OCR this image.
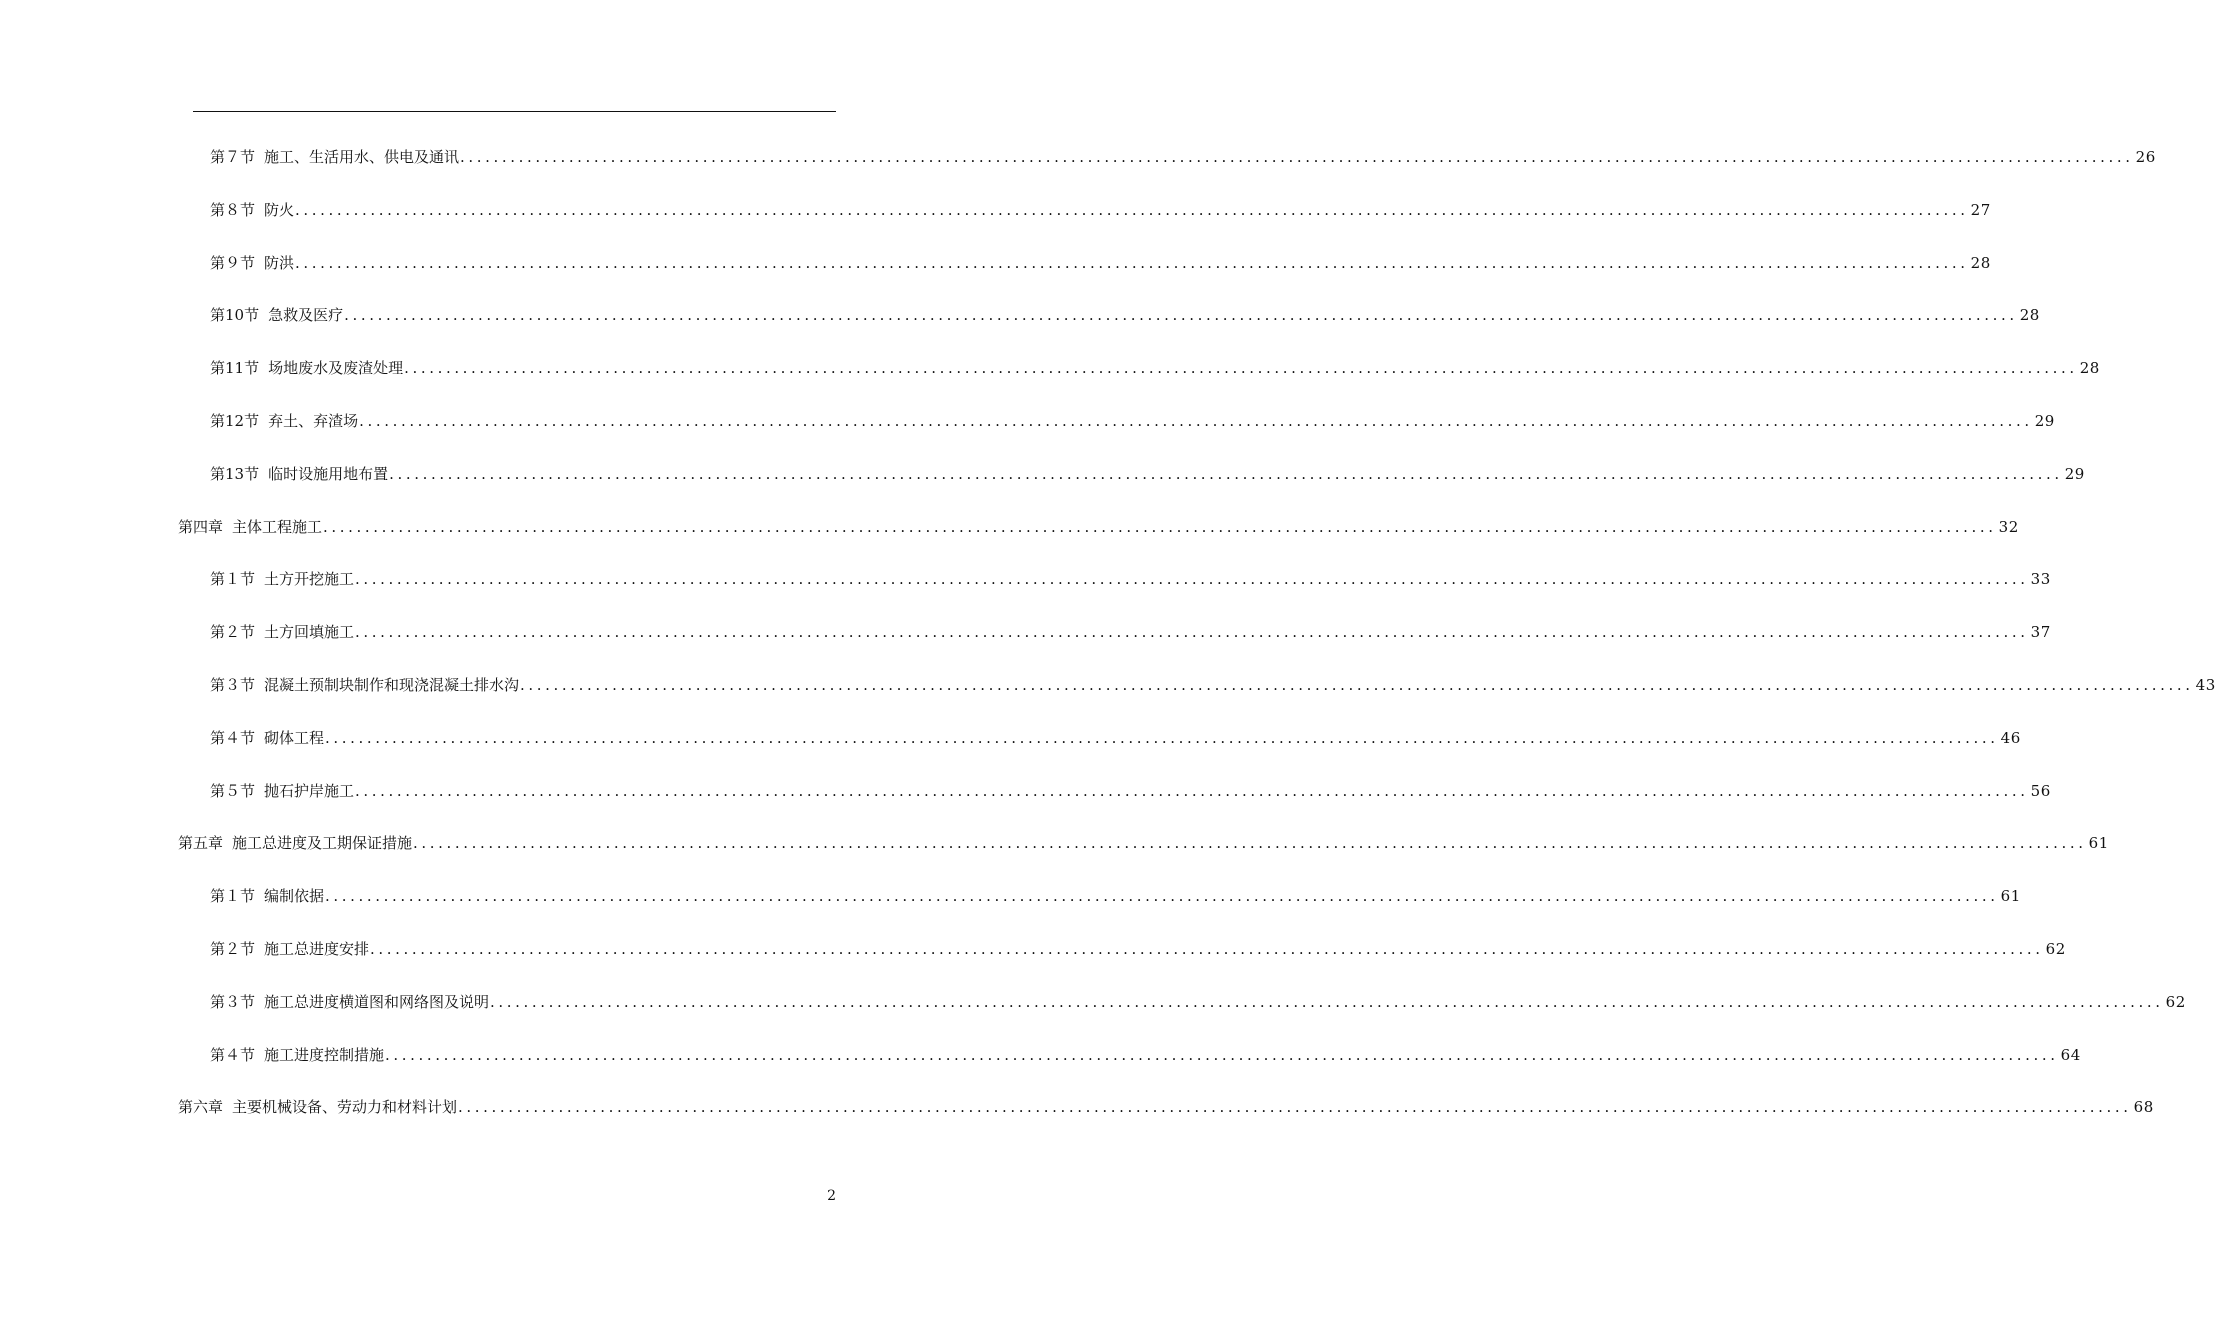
第７节 施工、生活用水、供电及通讯 ........................................................................................................................................................................................................ 26
第８节 防火 ........................................................................................................................................................................................................ 27
第９节 防洪 ........................................................................................................................................................................................................ 28
第10节 急救及医疗 ........................................................................................................................................................................................................ 28
第11节 场地废水及废渣处理 ........................................................................................................................................................................................................ 28
第12节 弃土、弃渣场 ........................................................................................................................................................................................................ 29
第13节 临时设施用地布置 ........................................................................................................................................................................................................ 29
第四章 主体工程施工 ........................................................................................................................................................................................................ 32
第１节 土方开挖施工 ........................................................................................................................................................................................................ 33
第２节 土方回填施工 ........................................................................................................................................................................................................ 37
第３节 混凝土预制块制作和现浇混凝土排水沟 ........................................................................................................................................................................................................ 43
第４节 砌体工程 ........................................................................................................................................................................................................ 46
第５节 抛石护岸施工 ........................................................................................................................................................................................................ 56
第五章 施工总进度及工期保证措施 ........................................................................................................................................................................................................ 61
第１节 编制依据 ........................................................................................................................................................................................................ 61
第２节 施工总进度安排 ........................................................................................................................................................................................................ 62
第３节 施工总进度横道图和网络图及说明 ........................................................................................................................................................................................................ 62
第４节 施工进度控制措施 ........................................................................................................................................................................................................ 64
第六章 主要机械设备、劳动力和材料计划 ........................................................................................................................................................................................................ 68
2
